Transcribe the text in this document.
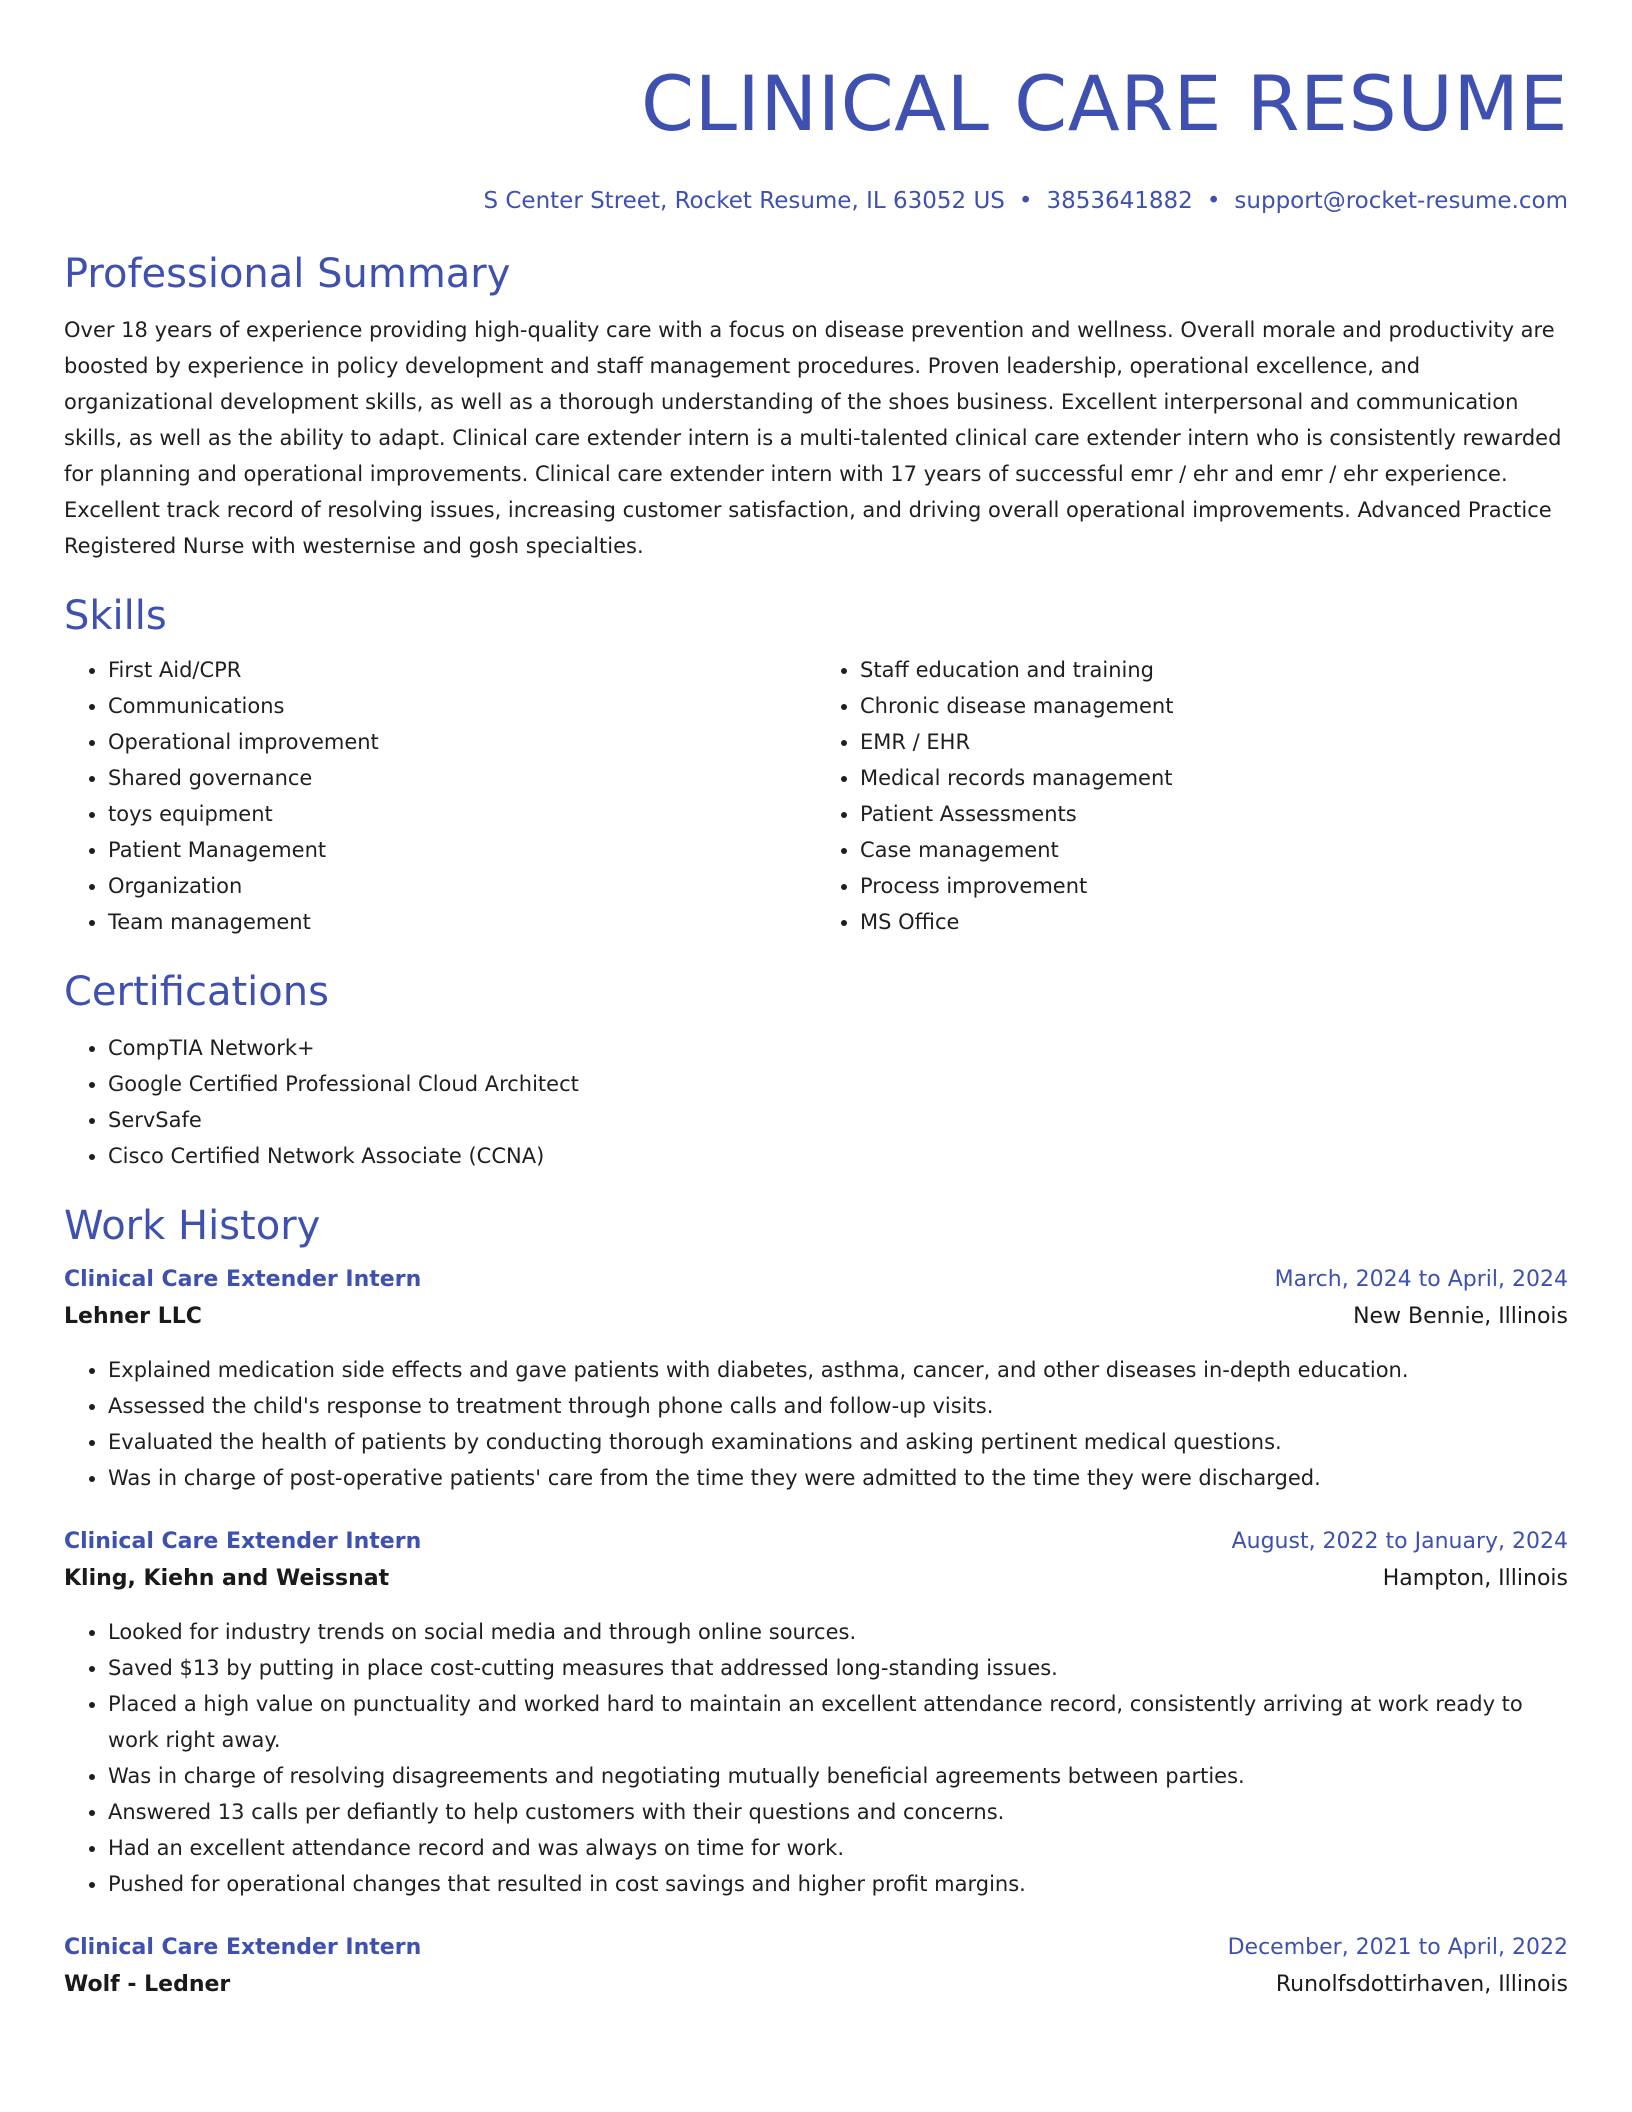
CLINICAL CARE RESUME
S Center Street, Rocket Resume, IL 63052 US • 3853641882 • support@rocket-resume.com
Professional Summary
Over 18 years of experience providing high-quality care with a focus on disease prevention and wellness. Overall morale and productivity are boosted by experience in policy development and staff management procedures. Proven leadership, operational excellence, and organizational development skills, as well as a thorough understanding of the shoes business. Excellent interpersonal and communication skills, as well as the ability to adapt. Clinical care extender intern is a multi-talented clinical care extender intern who is consistently rewarded for planning and operational improvements. Clinical care extender intern with 17 years of successful emr / ehr and emr / ehr experience. Excellent track record of resolving issues, increasing customer satisfaction, and driving overall operational improvements. Advanced Practice Registered Nurse with westernise and gosh specialties.
Skills
• First Aid/CPR
• Communications
• Operational improvement
• Shared governance
• toys equipment
• Patient Management
• Organization
• Team management
• Staff education and training
• Chronic disease management
• EMR / EHR
• Medical records management
• Patient Assessments
• Case management
• Process improvement
• MS Office
Certifications
• CompTIA Network+
• Google Certified Professional Cloud Architect
• ServSafe
• Cisco Certified Network Associate (CCNA)
Work History
Clinical Care Extender Intern	March, 2024 to April, 2024
Lehner LLC	New Bennie, Illinois
• Explained medication side effects and gave patients with diabetes, asthma, cancer, and other diseases in-depth education.
• Assessed the child's response to treatment through phone calls and follow-up visits.
• Evaluated the health of patients by conducting thorough examinations and asking pertinent medical questions.
• Was in charge of post-operative patients' care from the time they were admitted to the time they were discharged.
Clinical Care Extender Intern	August, 2022 to January, 2024
Kling, Kiehn and Weissnat	Hampton, Illinois
• Looked for industry trends on social media and through online sources.
• Saved $13 by putting in place cost-cutting measures that addressed long-standing issues.
• Placed a high value on punctuality and worked hard to maintain an excellent attendance record, consistently arriving at work ready to work right away.
• Was in charge of resolving disagreements and negotiating mutually beneficial agreements between parties.
• Answered 13 calls per defiantly to help customers with their questions and concerns.
• Had an excellent attendance record and was always on time for work.
• Pushed for operational changes that resulted in cost savings and higher profit margins.
Clinical Care Extender Intern	December, 2021 to April, 2022
Wolf - Ledner	Runolfsdottirhaven, Illinois
